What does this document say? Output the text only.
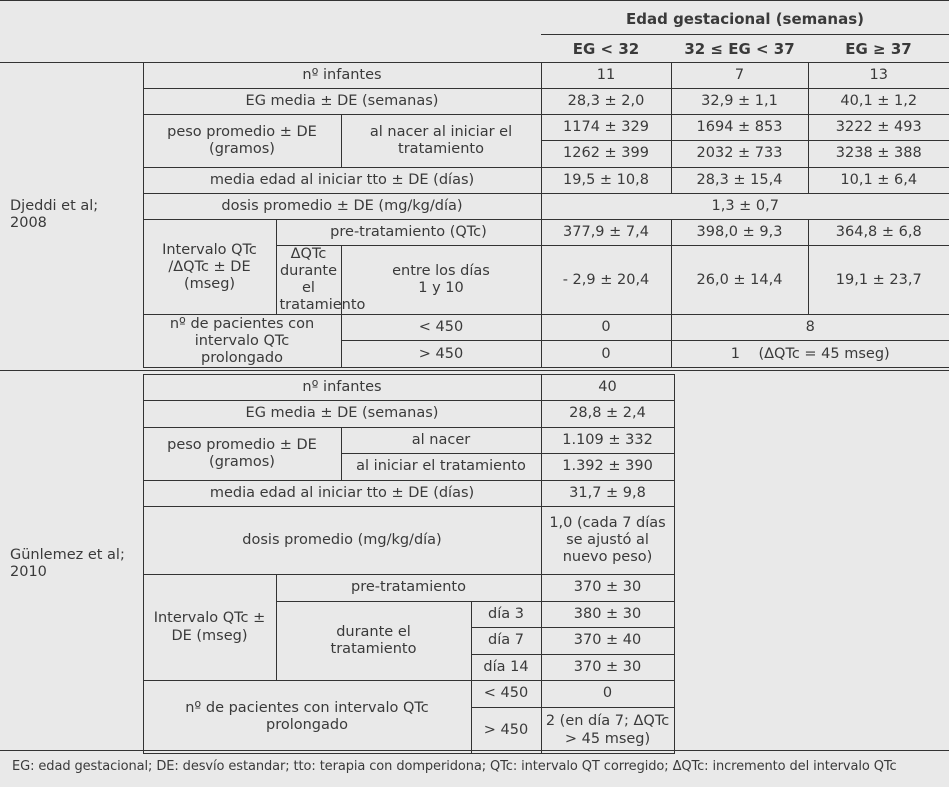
Edad gestacional (semanas)
EG < 32	32 ≤ EG < 37	EG ≥ 37
Djeddi et al;
2008	nº infantes			11	7	13
	EG media ± DE (semanas)			28,3 ± 2,0	32,9 ± 1,1	40,1 ± 1,2
	peso promedio ± DE
(gramos)		al nacer al iniciar el
tratamiento	1174 ± 329	1694 ± 853	3222 ± 493
				1262 ± 399	2032 ± 733	3238 ± 388
	media edad al iniciar tto ± DE (días)			19,5 ± 10,8	28,3 ± 15,4	10,1 ± 6,4
	dosis promedio ± DE (mg/kg/día)			1,3 ± 0,7		
	Intervalo QTc
/ΔQTc ± DE
(mseg)	pre-tratamiento (QTc)		377,9 ± 7,4	398,0 ± 9,3	364,8 ± 6,8
		ΔQTc durante el
tratamiento	entre los días
1 y 10	- 2,9 ± 20,4	26,0 ± 14,4	19,1 ± 23,7
	nº de pacientes con intervalo QTc
prolongado		< 450	0	8	
			> 450	0	1    (ΔQTc = 45 mseg)	
Günlemez et al;
2010	nº infantes				40
	EG media ± DE (semanas)				28,8 ± 2,4
	peso promedio ± DE
(gramos)		al nacer		1.109 ± 332
			al iniciar el tratamiento		1.392 ± 390
	media edad al iniciar tto ± DE (días)				31,7 ± 9,8
	dosis promedio (mg/kg/día)				1,0 (cada 7 días
se ajustó al
nuevo peso)
	Intervalo QTc ±
DE (mseg)	pre-tratamiento			370 ± 30
		durante el
tratamiento		día 3	380 ± 30
				día 7	370 ± 40
				día 14	370 ± 30
	nº de pacientes con intervalo QTc
prolongado			< 450	0
				> 450	2 (en día 7; ΔQTc
> 45 mseg)
EG: edad gestacional; DE: desvío estandar; tto: terapia con domperidona; QTc: intervalo QT corregido; ΔQTc: incremento del intervalo QTc
